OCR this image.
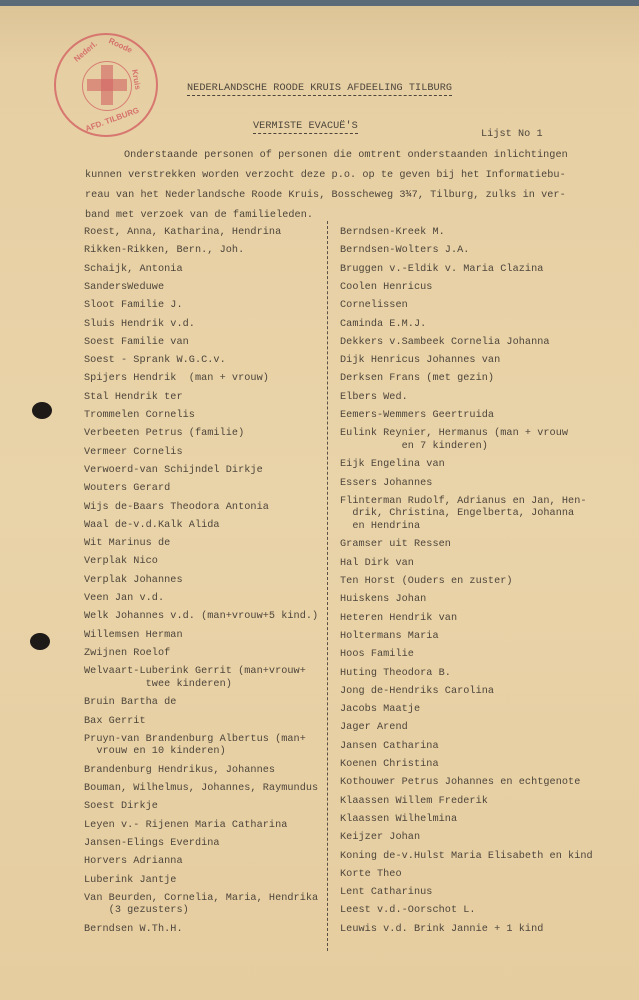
Nederl. Roode
Kruis
AFD. TILBURG
NEDERLANDSCHE ROODE KRUIS AFDEELING TILBURG
VERMISTE EVACUË'S
Lijst No 1
Onderstaande personen of personen die omtrent onderstaanden inlichtingen
kunnen verstrekken worden verzocht deze p.o. op te geven bij het Informatiebu-
reau van het Nederlandsche Roode Kruis, Bosscheweg 3¾7, Tilburg, zulks in ver-
band met verzoek van de familieleden.
Roest, Anna, Katharina, Hendrina
Rikken-Rikken, Bern., Joh.
Schaijk, Antonia
SandersWeduwe
Sloot Familie J.
Sluis Hendrik v.d.
Soest Familie van
Soest - Sprank W.G.C.v.
Spijers Hendrik  (man + vrouw)
Stal Hendrik ter
Trommelen Cornelis
Verbeeten Petrus (familie)
Vermeer Cornelis
Verwoerd-van Schijndel Dirkje
Wouters Gerard
Wijs de-Baars Theodora Antonia
Waal de-v.d.Kalk Alida
Wit Marinus de
Verplak Nico
Verplak Johannes
Veen Jan v.d.
Welk Johannes v.d. (man+vrouw+5 kind.)
Willemsen Herman
Zwijnen Roelof
Welvaart-Luberink Gerrit (man+vrouw+
twee kinderen)
Bruin Bartha de
Bax Gerrit
Pruyn-van Brandenburg Albertus (man+
vrouw en 10 kinderen)
Brandenburg Hendrikus, Johannes
Bouman, Wilhelmus, Johannes, Raymundus
Soest Dirkje
Leyen v.- Rijenen Maria Catharina
Jansen-Elings Everdina
Horvers Adrianna
Luberink Jantje
Van Beurden, Cornelia, Maria, Hendrika
(3 gezusters)
Berndsen W.Th.H.
Berndsen-Kreek M.
Berndsen-Wolters J.A.
Bruggen v.-Eldik v. Maria Clazina
Coolen Henricus
Cornelissen
Caminda E.M.J.
Dekkers v.Sambeek Cornelia Johanna
Dijk Henricus Johannes van
Derksen Frans (met gezin)
Elbers Wed.
Eemers-Wemmers Geertruida
Eulink Reynier, Hermanus (man + vrouw
en 7 kinderen)
Eijk Engelina van
Essers Johannes
Flinterman Rudolf, Adrianus en Jan, Hen-
drik, Christina, Engelberta, Johanna
en Hendrina
Gramser uit Ressen
Hal Dirk van
Ten Horst (Ouders en zuster)
Huiskens Johan
Heteren Hendrik van
Holtermans Maria
Hoos Familie
Huting Theodora B.
Jong de-Hendriks Carolina
Jacobs Maatje
Jager Arend
Jansen Catharina
Koenen Christina
Kothouwer Petrus Johannes en echtgenote
Klaassen Willem Frederik
Klaassen Wilhelmina
Keijzer Johan
Koning de-v.Hulst Maria Elisabeth en kind
Korte Theo
Lent Catharinus
Leest v.d.-Oorschot L.
Leuwis v.d. Brink Jannie + 1 kind
